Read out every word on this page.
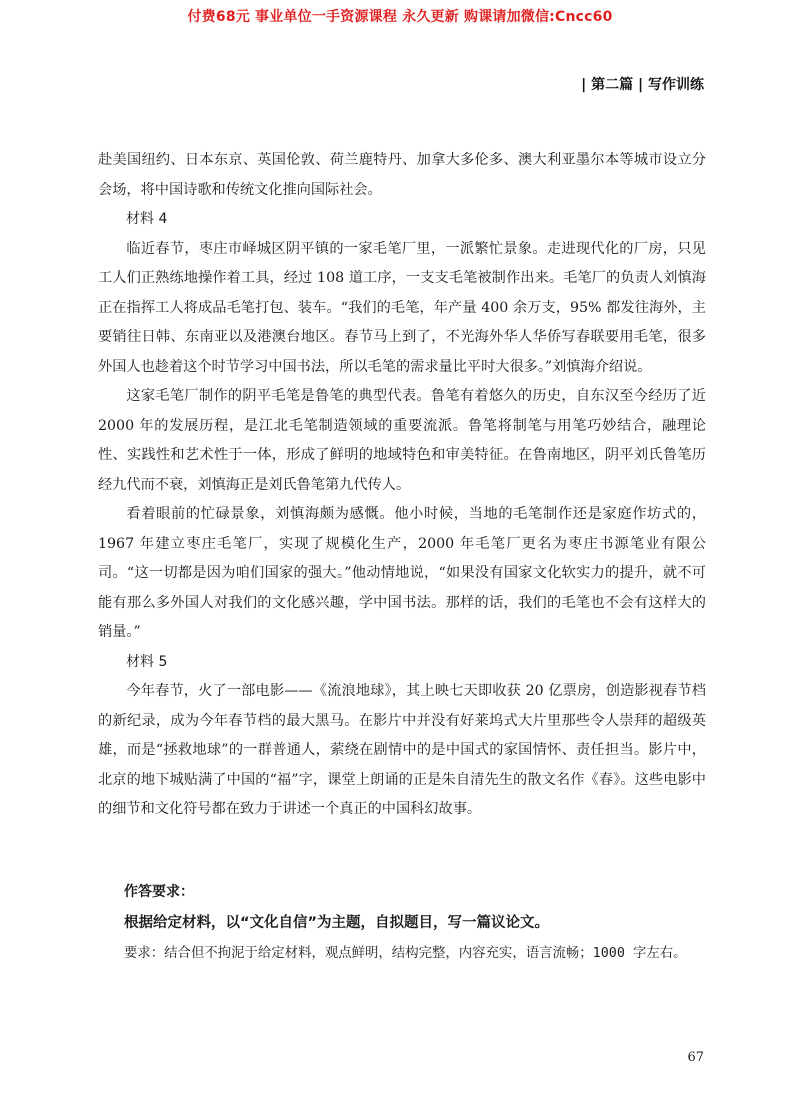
付费68元 事业单位一手资源课程 永久更新 购课请加微信:Cncc60
| 第二篇 | 写作训练

赴美国纽约、日本东京、英国伦敦、荷兰鹿特丹、加拿大多伦多、澳大利亚墨尔本等城市设立分会场，将中国诗歌和传统文化推向国际社会。

材料 4

临近春节，枣庄市峄城区阴平镇的一家毛笔厂里，一派繁忙景象。走进现代化的厂房，只见工人们正熟练地操作着工具，经过 108 道工序，一支支毛笔被制作出来。毛笔厂的负责人刘慎海正在指挥工人将成品毛笔打包、装车。“我们的毛笔，年产量 400 余万支，95% 都发往海外，主要销往日韩、东南亚以及港澳台地区。春节马上到了，不光海外华人华侨写春联要用毛笔，很多外国人也趁着这个时节学习中国书法，所以毛笔的需求量比平时大很多。”刘慎海介绍说。

这家毛笔厂制作的阴平毛笔是鲁笔的典型代表。鲁笔有着悠久的历史，自东汉至今经历了近 2000 年的发展历程，是江北毛笔制造领域的重要流派。鲁笔将制笔与用笔巧妙结合，融理论性、实践性和艺术性于一体，形成了鲜明的地域特色和审美特征。在鲁南地区，阴平刘氏鲁笔历经九代而不衰，刘慎海正是刘氏鲁笔第九代传人。

看着眼前的忙碌景象，刘慎海颇为感慨。他小时候，当地的毛笔制作还是家庭作坊式的，1967 年建立枣庄毛笔厂，实现了规模化生产，2000 年毛笔厂更名为枣庄书源笔业有限公司。“这一切都是因为咱们国家的强大。”他动情地说，“如果没有国家文化软实力的提升，就不可能有那么多外国人对我们的文化感兴趣，学中国书法。那样的话，我们的毛笔也不会有这样大的销量。”

材料 5

今年春节，火了一部电影——《流浪地球》，其上映七天即收获 20 亿票房，创造影视春节档的新纪录，成为今年春节档的最大黑马。在影片中并没有好莱坞式大片里那些令人崇拜的超级英雄，而是“拯救地球”的一群普通人，萦绕在剧情中的是中国式的家国情怀、责任担当。影片中，北京的地下城贴满了中国的“福”字，课堂上朗诵的正是朱自清先生的散文名作《春》。这些电影中的细节和文化符号都在致力于讲述一个真正的中国科幻故事。

作答要求：
根据给定材料，以“文化自信”为主题，自拟题目，写一篇议论文。
要求：结合但不拘泥于给定材料，观点鲜明，结构完整，内容充实，语言流畅；1000 字左右。
67
